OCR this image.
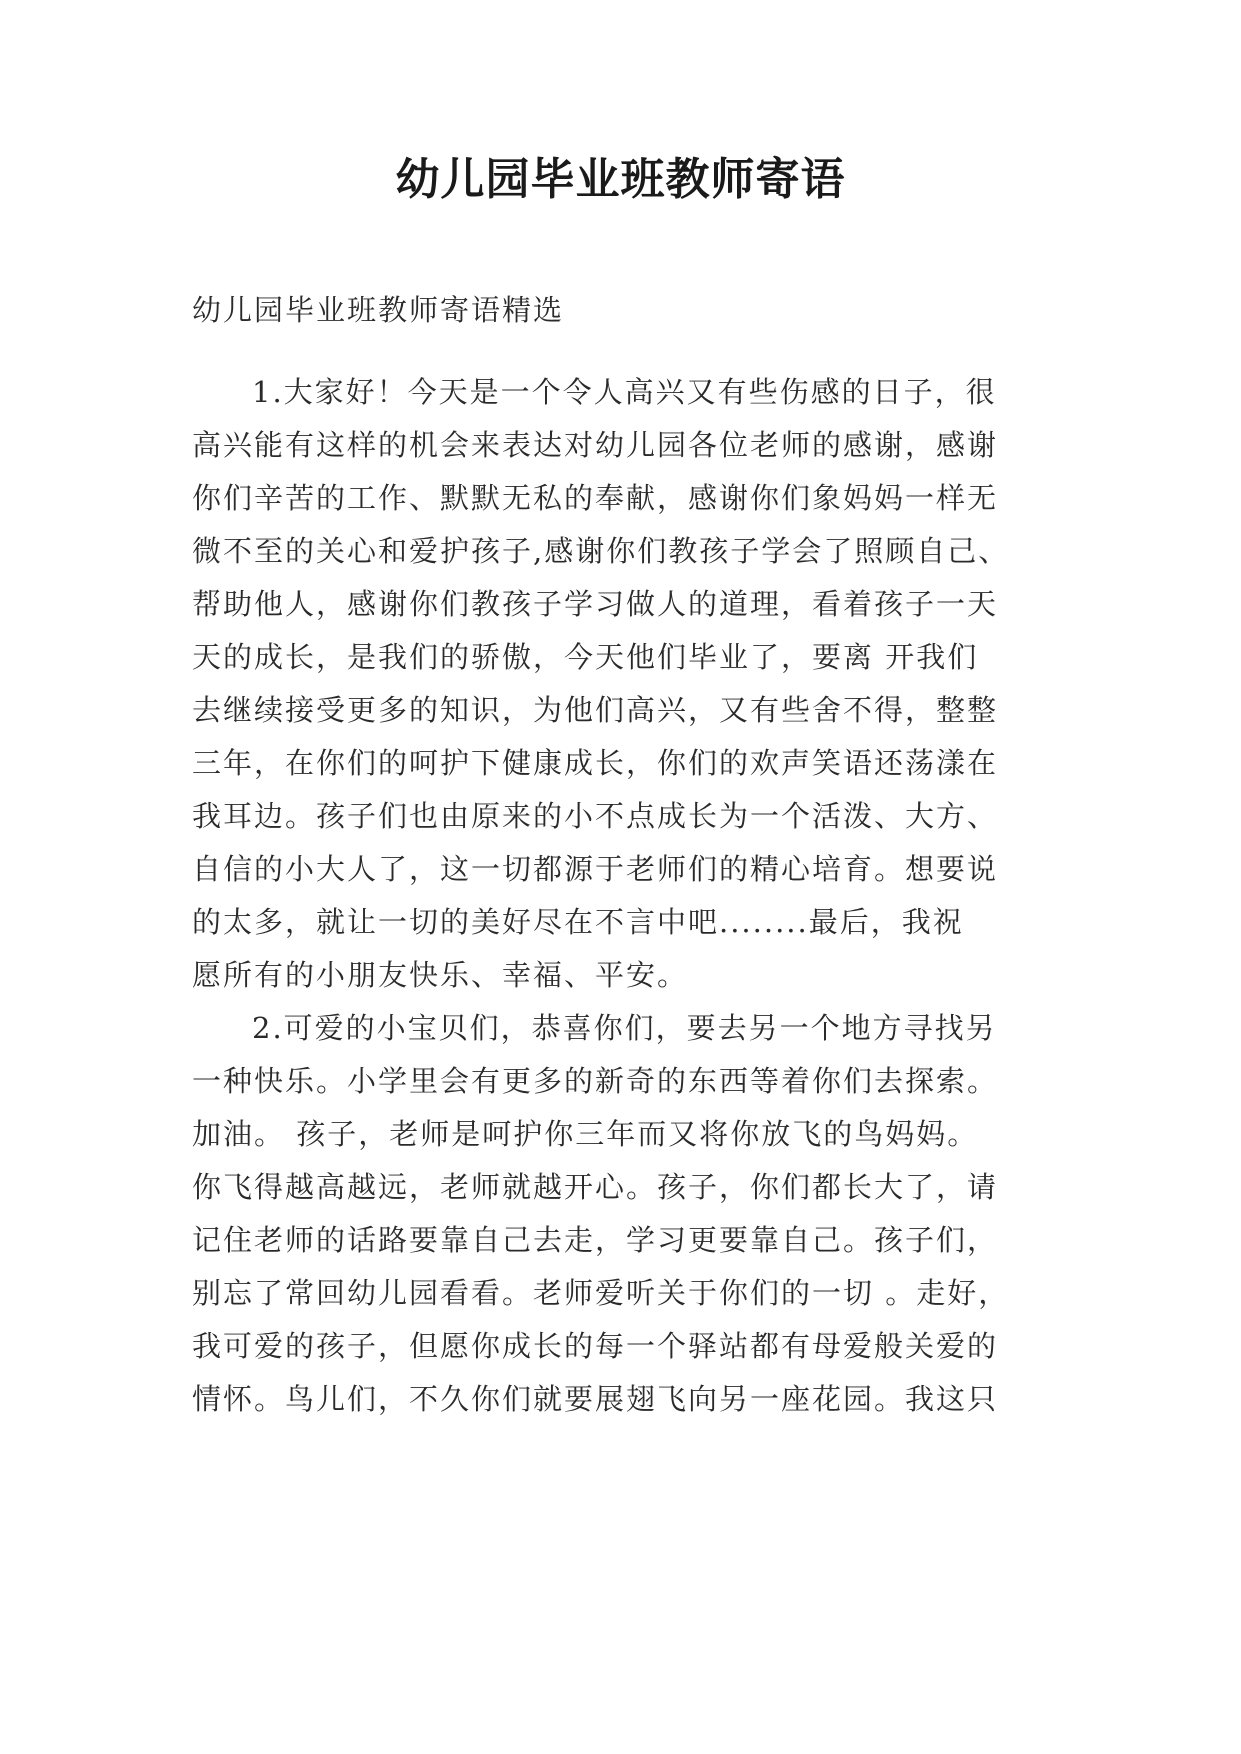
幼儿园毕业班教师寄语
幼儿园毕业班教师寄语精选
1.大家好！今天是一个令人高兴又有些伤感的日子，很
高兴能有这样的机会来表达对幼儿园各位老师的感谢，感谢
你们辛苦的工作、默默无私的奉献，感谢你们象妈妈一样无
微不至的关心和爱护孩子,感谢你们教孩子学会了照顾自己、
帮助他人，感谢你们教孩子学习做人的道理，看着孩子一天
天的成长，是我们的骄傲，今天他们毕业了，要离 开我们
去继续接受更多的知识，为他们高兴，又有些舍不得，整整
三年，在你们的呵护下健康成长，你们的欢声笑语还荡漾在
我耳边。孩子们也由原来的小不点成长为一个活泼、大方、
自信的小大人了，这一切都源于老师们的精心培育。想要说
的太多，就让一切的美好尽在不言中吧........最后，我祝
愿所有的小朋友快乐、幸福、平安。
2.可爱的小宝贝们，恭喜你们，要去另一个地方寻找另
一种快乐。小学里会有更多的新奇的东西等着你们去探索。
加油。 孩子，老师是呵护你三年而又将你放飞的鸟妈妈。
你飞得越高越远，老师就越开心。孩子，你们都长大了，请
记住老师的话路要靠自己去走，学习更要靠自己。孩子们，
别忘了常回幼儿园看看。老师爱听关于你们的一切 。走好，
我可爱的孩子，但愿你成长的每一个驿站都有母爱般关爱的
情怀。鸟儿们，不久你们就要展翅飞向另一座花园。我这只
